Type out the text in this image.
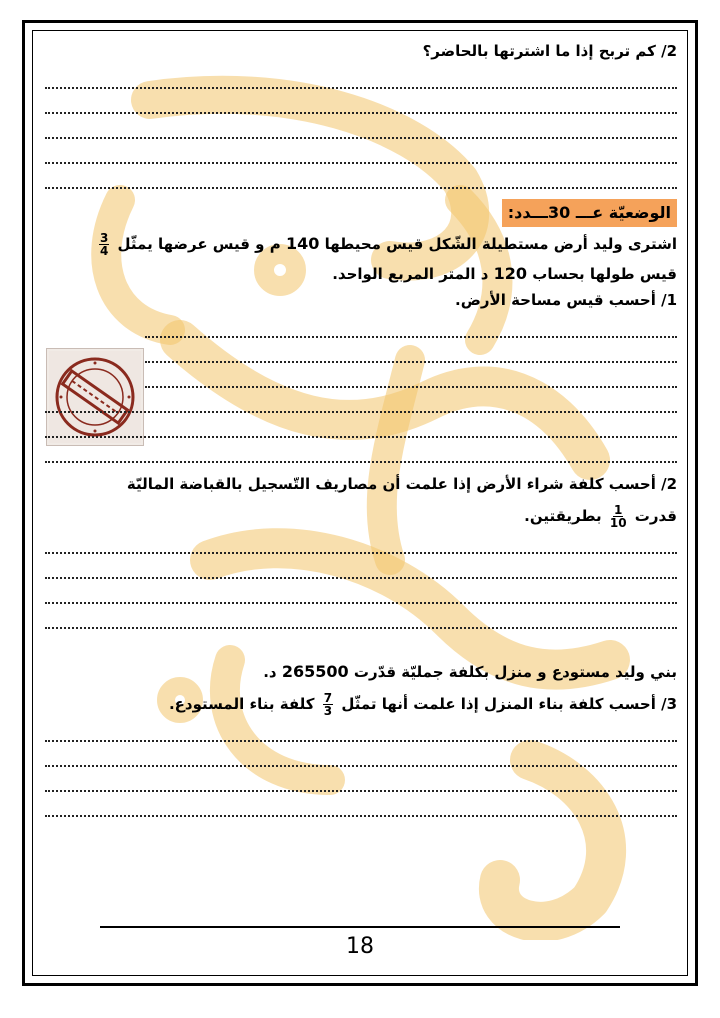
2/ كم تربح إذا ما اشترتها بالحاضر؟
الوضعيّة عـــ 30ـــدد:
اشترى وليد أرض مستطيلة الشّكل قيس محيطها 140 م و قيس عرضها يمثّل
$\frac{3}{4}$
قيس طولها بحساب 120 د المتر المربع الواحد.
1/ أحسب قيس مساحة الأرض.
2/ أحسب كلفة شراء الأرض إذا علمت أن مصاريف التّسجيل بالقباضة الماليّة
قدرت
$\frac{1}{10}$
بطريقتين.
بني وليد مستودع و منزل بكلفة جمليّة قدّرت 265500 د.
3/ أحسب كلفة بناء المنزل إذا علمت أنها تمثّل
$\frac{7}{3}$
كلفة بناء المستودع.
18
